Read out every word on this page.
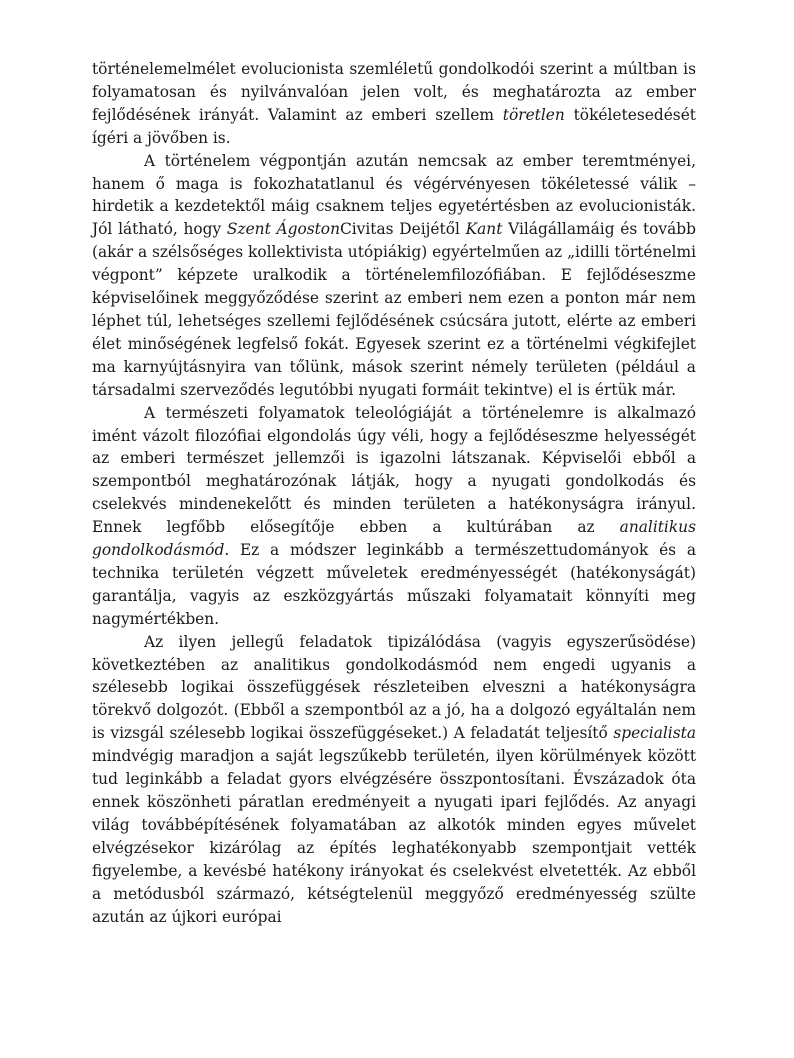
történelemelmélet evolucionista szemléletű gondolkodói szerint a múltban is folyamatosan és nyilvánvalóan jelen volt, és meghatározta az ember fejlődésének irányát. Valamint az emberi szellem töretlen tökéletesedését ígéri a jövőben is.

A történelem végpontján azután nemcsak az ember teremtményei, hanem ő maga is fokozhatatlanul és végérvényesen tökéletessé válik – hirdetik a kezdetektől máig csaknem teljes egyetértésben az evolucionisták. Jól látható, hogy Szent ÁgostonCivitas Deijétől Kant Világállamáig és tovább (akár a szélsőséges kollektivista utópiákig) egyértelműen az „idilli történelmi végpont” képzete uralkodik a történelemfilozófiában. E fejlődéseszme képviselőinek meggyőződése szerint az emberi nem ezen a ponton már nem léphet túl, lehetséges szellemi fejlődésének csúcsára jutott, elérte az emberi élet minőségének legfelső fokát. Egyesek szerint ez a történelmi végkifejlet ma karnyújtásnyira van tőlünk, mások szerint némely területen (például a társadalmi szerveződés legutóbbi nyugati formáit tekintve) el is értük már.

A természeti folyamatok teleológiáját a történelemre is alkalmazó imént vázolt filozófiai elgondolás úgy véli, hogy a fejlődéseszme helyességét az emberi természet jellemzői is igazolni látszanak. Képviselői ebből a szempontból meghatározónak látják, hogy a nyugati gondolkodás és cselekvés mindenekelőtt és minden területen a hatékonyságra irányul. Ennek legfőbb elősegítője ebben a kultúrában az analitikus gondolkodásmód. Ez a módszer leginkább a természettudományok és a technika területén végzett műveletek eredményességét (hatékonyságát) garantálja, vagyis az eszközgyártás műszaki folyamatait könnyíti meg nagymértékben.

Az ilyen jellegű feladatok tipizálódása (vagyis egyszerűsödése) következtében az analitikus gondolkodásmód nem engedi ugyanis a szélesebb logikai összefüggések részleteiben elveszni a hatékonyságra törekvő dolgozót. (Ebből a szempontból az a jó, ha a dolgozó egyáltalán nem is vizsgál szélesebb logikai összefüggéseket.) A feladatát teljesítő specialista mindvégig maradjon a saját legszűkebb területén, ilyen körülmények között tud leginkább a feladat gyors elvégzésére összpontosítani. Évszázadok óta ennek köszönheti páratlan eredményeit a nyugati ipari fejlődés. Az anyagi világ továbbépítésének folyamatában az alkotók minden egyes művelet elvégzésekor kizárólag az építés leghatékonyabb szempontjait vették figyelembe, a kevésbé hatékony irányokat és cselekvést elvetették. Az ebből a metódusból származó, kétségtelenül meggyőző eredményesség szülte azután az újkori európai
